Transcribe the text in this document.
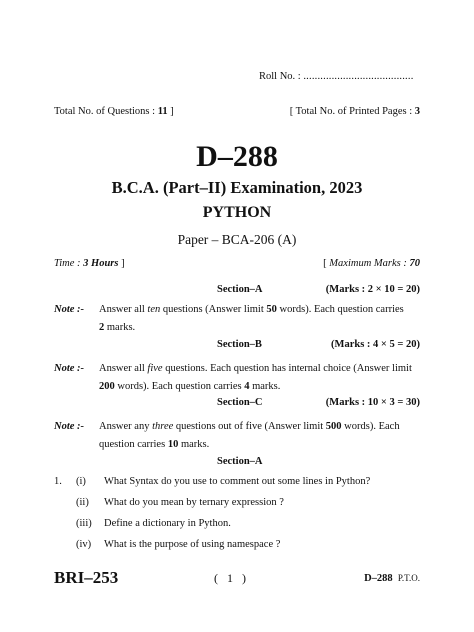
Roll No. : .......................................
Total No. of Questions : 11 ]	[ Total No. of Printed Pages : 3
D–288
B.C.A. (Part–II) Examination, 2023
PYTHON
Paper – BCA-206 (A)
Time : 3 Hours ]	[ Maximum Marks : 70
Section–A	(Marks : 2 × 10 = 20)
Note :- Answer all ten questions (Answer limit 50 words). Each question carries
2 marks.
Section–B	(Marks : 4 × 5 = 20)
Note :- Answer all five questions. Each question has internal choice (Answer limit
200 words). Each question carries 4 marks.
Section–C	(Marks : 10 × 3 = 30)
Note :- Answer any three questions out of five (Answer limit 500 words). Each
question carries 10 marks.
Section–A
1. (i) What Syntax do you use to comment out some lines in Python?
(ii) What do you mean by ternary expression ?
(iii) Define a dictionary in Python.
(iv) What is the purpose of using namespace ?
BRI–253	( 1 )	D–288 P.T.O.
